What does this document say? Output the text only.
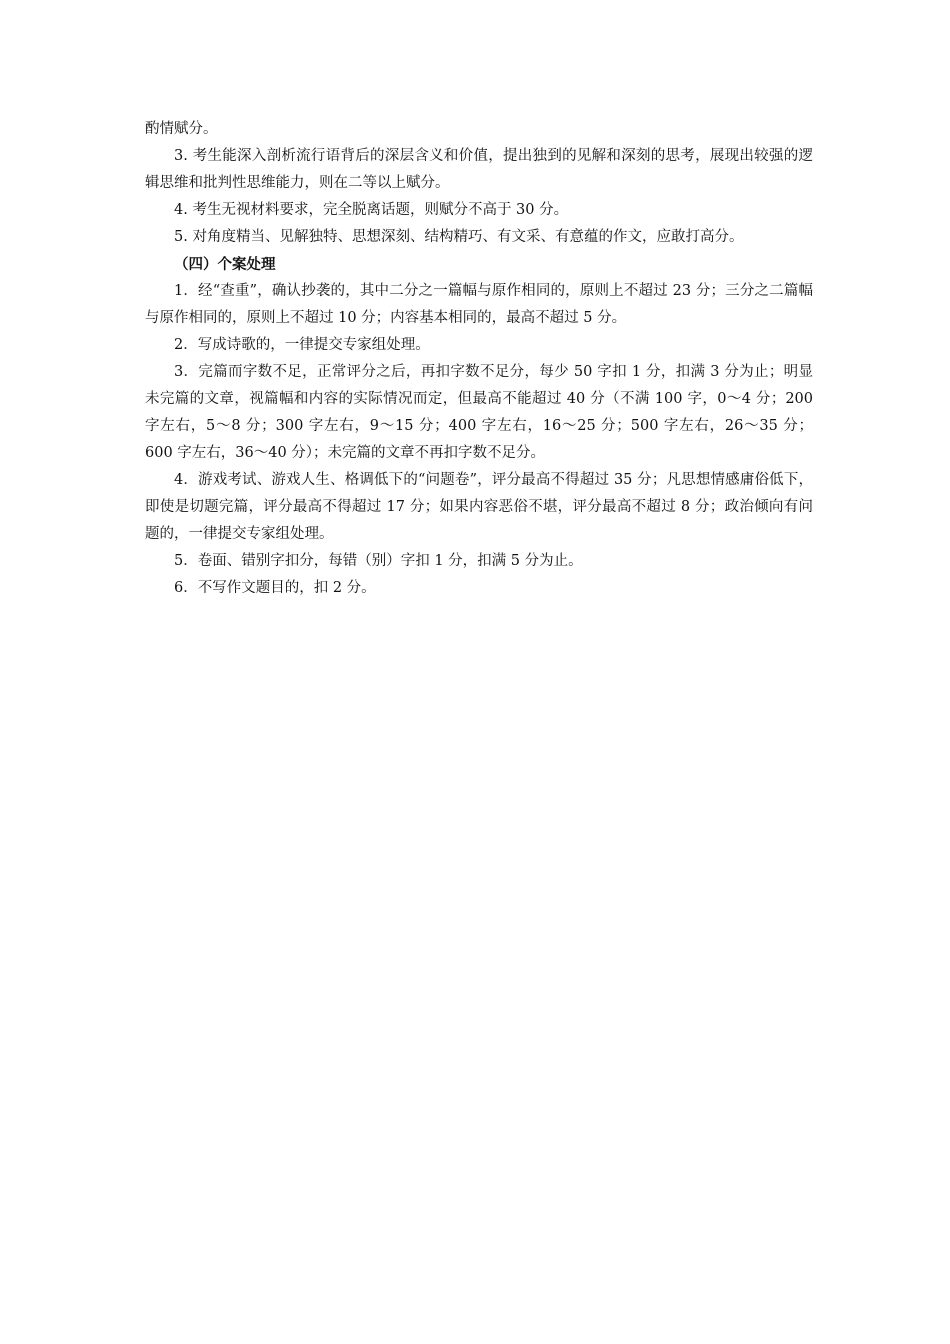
酌情赋分。

3. 考生能深入剖析流行语背后的深层含义和价值，提出独到的见解和深刻的思考，展现出较强的逻辑思维和批判性思维能力，则在二等以上赋分。

4. 考生无视材料要求，完全脱离话题，则赋分不高于 30 分。

5. 对角度精当、见解独特、思想深刻、结构精巧、有文采、有意蕴的作文，应敢打高分。

（四）个案处理

1．经“查重”，确认抄袭的，其中二分之一篇幅与原作相同的，原则上不超过 23 分；三分之二篇幅与原作相同的，原则上不超过 10 分；内容基本相同的，最高不超过 5 分。

2．写成诗歌的，一律提交专家组处理。

3．完篇而字数不足，正常评分之后，再扣字数不足分，每少 50 字扣 1 分，扣满 3 分为止；明显未完篇的文章，视篇幅和内容的实际情况而定，但最高不能超过 40 分（不满 100 字，0～4 分；200 字左右，5～8 分；300 字左右，9～15 分；400 字左右，16～25 分；500 字左右，26～35 分；600 字左右，36～40 分）；未完篇的文章不再扣字数不足分。

4．游戏考试、游戏人生、格调低下的“问题卷”，评分最高不得超过 35 分；凡思想情感庸俗低下，即使是切题完篇，评分最高不得超过 17 分；如果内容恶俗不堪，评分最高不超过 8 分；政治倾向有问题的，一律提交专家组处理。

5．卷面、错别字扣分，每错（别）字扣 1 分，扣满 5 分为止。

6．不写作文题目的，扣 2 分。
